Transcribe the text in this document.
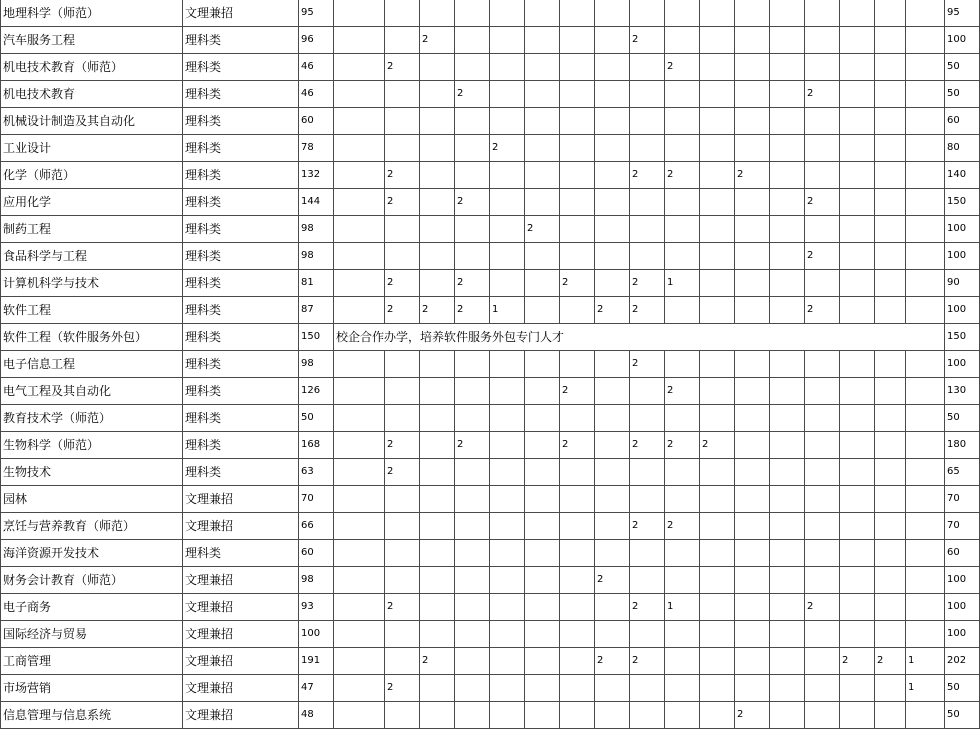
地理科学（师范）	文理兼招	95																		95
汽车服务工程	理科类	96			2						2									100
机电技术教育（师范）	理科类	46		2								2								50
机电技术教育	理科类	46				2										2				50
机械设计制造及其自动化	理科类	60																		60
工业设计	理科类	78					2													80
化学（师范）	理科类	132		2							2	2		2						140
应用化学	理科类	144		2		2										2				150
制药工程	理科类	98						2												100
食品科学与工程	理科类	98														2				100
计算机科学与技术	理科类	81		2		2			2		2	1								90
软件工程	理科类	87		2	2	2	1			2	2					2				100
软件工程（软件服务外包）	理科类	150	校企合作办学，培养软件服务外包专门人才																	150
电子信息工程	理科类	98									2									100
电气工程及其自动化	理科类	126							2			2								130
教育技术学（师范）	理科类	50																		50
生物科学（师范）	理科类	168		2		2			2		2	2	2							180
生物技术	理科类	63		2																65
园林	文理兼招	70																		70
烹饪与营养教育（师范）	文理兼招	66									2	2								70
海洋资源开发技术	理科类	60																		60
财务会计教育（师范）	文理兼招	98								2										100
电子商务	文理兼招	93		2							2	1				2				100
国际经济与贸易	文理兼招	100																		100
工商管理	文理兼招	191			2					2	2						2	2	1	202
市场营销	文理兼招	47		2															1	50
信息管理与信息系统	文理兼招	48												2						50
